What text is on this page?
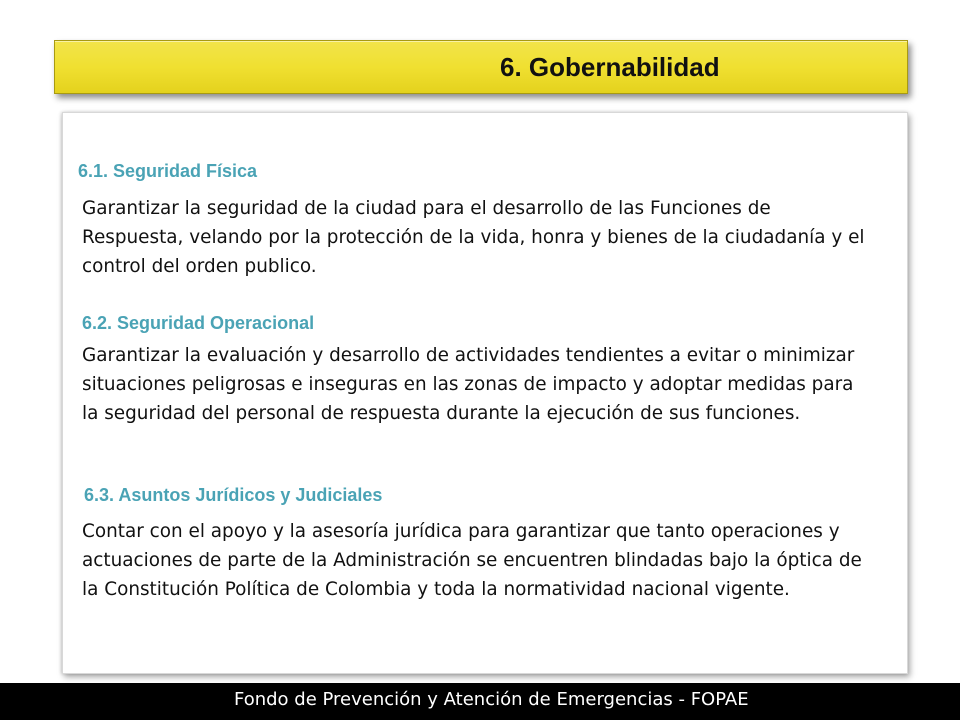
6. Gobernabilidad
6.1. Seguridad Física
Garantizar la seguridad de la ciudad para el desarrollo de las Funciones de Respuesta, velando por la protección de la vida, honra y bienes de la ciudadanía y el control del orden publico.
6.2. Seguridad Operacional
Garantizar la evaluación y desarrollo de actividades tendientes a evitar o minimizar situaciones peligrosas e inseguras en las zonas de impacto y adoptar medidas para la seguridad del personal de respuesta durante la ejecución de sus funciones.
6.3. Asuntos Jurídicos y Judiciales
Contar con el apoyo y la asesoría jurídica para garantizar que tanto operaciones y actuaciones de parte de la Administración se encuentren blindadas bajo la óptica de la Constitución Política de Colombia y toda la normatividad nacional vigente.
Fondo de Prevención y Atención de Emergencias - FOPAE
